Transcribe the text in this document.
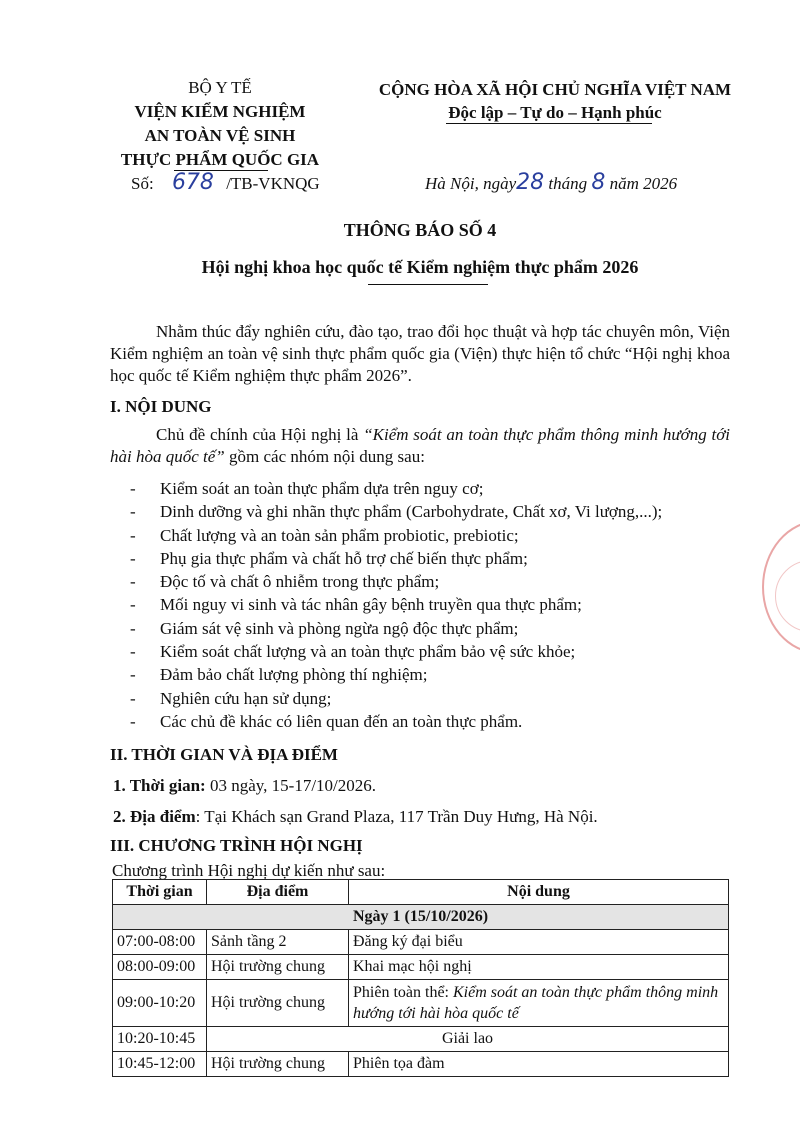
BỘ Y TẾ
VIỆN KIỂM NGHIỆM
AN TOÀN VỆ SINH
THỰC PHẨM QUỐC GIA
Số: 678 /TB-VKNQG
CỘNG HÒA XÃ HỘI CHỦ NGHĨA VIỆT NAM
Độc lập – Tự do – Hạnh phúc
Hà Nội, ngày28 tháng 8 năm 2026
THÔNG BÁO SỐ 4
Hội nghị khoa học quốc tế Kiểm nghiệm thực phẩm 2026
Nhằm thúc đẩy nghiên cứu, đào tạo, trao đổi học thuật và hợp tác chuyên môn, Viện Kiểm nghiệm an toàn vệ sinh thực phẩm quốc gia (Viện) thực hiện tổ chức “Hội nghị khoa học quốc tế Kiểm nghiệm thực phẩm 2026”.
I. NỘI DUNG
Chủ đề chính của Hội nghị là “Kiểm soát an toàn thực phẩm thông minh hướng tới hài hòa quốc tế” gồm các nhóm nội dung sau:
- Kiểm soát an toàn thực phẩm dựa trên nguy cơ;
- Dinh dưỡng và ghi nhãn thực phẩm (Carbohydrate, Chất xơ, Vi lượng,...);
- Chất lượng và an toàn sản phẩm probiotic, prebiotic;
- Phụ gia thực phẩm và chất hỗ trợ chế biến thực phẩm;
- Độc tố và chất ô nhiễm trong thực phẩm;
- Mối nguy vi sinh và tác nhân gây bệnh truyền qua thực phẩm;
- Giám sát vệ sinh và phòng ngừa ngộ độc thực phẩm;
- Kiểm soát chất lượng và an toàn thực phẩm bảo vệ sức khỏe;
- Đảm bảo chất lượng phòng thí nghiệm;
- Nghiên cứu hạn sử dụng;
- Các chủ đề khác có liên quan đến an toàn thực phẩm.
II. THỜI GIAN VÀ ĐỊA ĐIỂM
1. Thời gian: 03 ngày, 15-17/10/2026.
2. Địa điểm: Tại Khách sạn Grand Plaza, 117 Trần Duy Hưng, Hà Nội.
III. CHƯƠNG TRÌNH HỘI NGHỊ
Chương trình Hội nghị dự kiến như sau:
Thời gian	Địa điểm	Nội dung
Ngày 1 (15/10/2026)		
07:00-08:00	Sảnh tầng 2	Đăng ký đại biểu
08:00-09:00	Hội trường chung	Khai mạc hội nghị
09:00-10:20	Hội trường chung	Phiên toàn thể: Kiểm soát an toàn thực phẩm thông minh hướng tới hài hòa quốc tế
10:20-10:45	Giải lao	
10:45-12:00	Hội trường chung	Phiên tọa đàm
